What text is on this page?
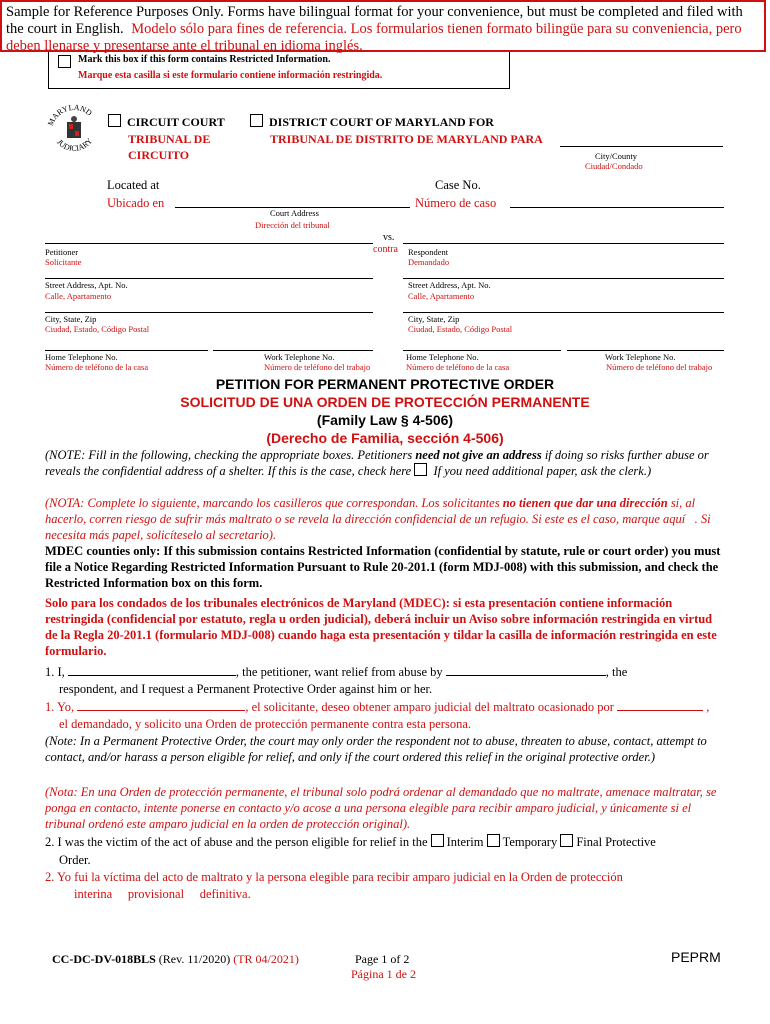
Mark this box if this form contains Restricted Information.
Marque esta casilla si este formulario contiene información restringida.
Sample for Reference Purposes Only. Forms have bilingual format for your convenience, but must be completed and filed with the court in English. Modelo sólo para fines de referencia. Los formularios tienen formato bilingüe para su conveniencia, pero deben llenarse y presentarse ante el tribunal en idioma inglés.
MARYLAND
JUDICIARY
CIRCUIT COURT
TRIBUNAL DE
CIRCUITO
DISTRICT COURT OF MARYLAND FOR
TRIBUNAL DE DISTRITO DE MARYLAND PARA
City/County
Ciudad/Condado
Located at
Ubicado en
Court Address
Dirección del tribunal
Case No.
Número de caso
vs.
contra
Petitioner
Solicitante
Respondent
Demandado
Street Address, Apt. No.
Calle, Apartamento
Street Address, Apt. No.
Calle, Apartamento
City, State, Zip
Ciudad, Estado, Código Postal
City, State, Zip
Ciudad, Estado, Código Postal
Home Telephone No.
Número de teléfono de la casa
Work Telephone No.
Número de teléfono del trabajo
Home Telephone No.
Número de teléfono de la casa
Work Telephone No.
Número de teléfono del trabajo
PETITION FOR PERMANENT PROTECTIVE ORDER
SOLICITUD DE UNA ORDEN DE PROTECCIÓN PERMANENTE
(Family Law § 4-506)
(Derecho de Familia, sección 4-506)
(NOTE: Fill in the following, checking the appropriate boxes. Petitioners need not give an address if doing so risks further abuse or reveals the confidential address of a shelter. If this is the case, check here  If you need additional paper, ask the clerk.)
(NOTA: Complete lo siguiente, marcando los casilleros que correspondan. Los solicitantes no tienen que dar una dirección si, al hacerlo, corren riesgo de sufrir más maltrato o se revela la dirección confidencial de un refugio. Si este es el caso, marque aquí . Si necesita más papel, solicíteselo al secretario).
MDEC counties only: If this submission contains Restricted Information (confidential by statute, rule or court order) you must file a Notice Regarding Restricted Information Pursuant to Rule 20-201.1 (form MDJ-008) with this submission, and check the Restricted Information box on this form.
Solo para los condados de los tribunales electrónicos de Maryland (MDEC): si esta presentación contiene información restringida (confidencial por estatuto, regla u orden judicial), deberá incluir un Aviso sobre información restringida en virtud de la Regla 20-201.1 (formulario MDJ-008) cuando haga esta presentación y tildar la casilla de información restringida en este formulario.
1. I,	, the petitioner, want relief from abuse by	, the
respondent, and I request a Permanent Protective Order against him or her.
1. Yo,	, el solicitante, deseo obtener amparo judicial del maltrato ocasionado por	,
el demandado, y solicito una Orden de protección permanente contra esta persona.
(Note: In a Permanent Protective Order, the court may only order the respondent not to abuse, threaten to abuse, contact, attempt to contact, and/or harass a person eligible for relief, and only if the court ordered this relief in the original protective order.)
(Nota: En una Orden de protección permanente, el tribunal solo podrá ordenar al demandado que no maltrate, amenace maltratar, se ponga en contacto, intente ponerse en contacto y/o acose a una persona elegible para recibir amparo judicial, y únicamente si el tribunal ordenó este amparo judicial en la orden de protección original).
2. I was the victim of the act of abuse and the person eligible for relief in the Interim Temporary Final Protective
Order.
2. Yo fui la víctima del acto de maltrato y la persona elegible para recibir amparo judicial en la Orden de protección
interina provisional definitiva.
CC-DC-DV-018BLS (Rev. 11/2020) (TR 04/2021)	Page 1 of 2
Página 1 de 2
PEPRM
